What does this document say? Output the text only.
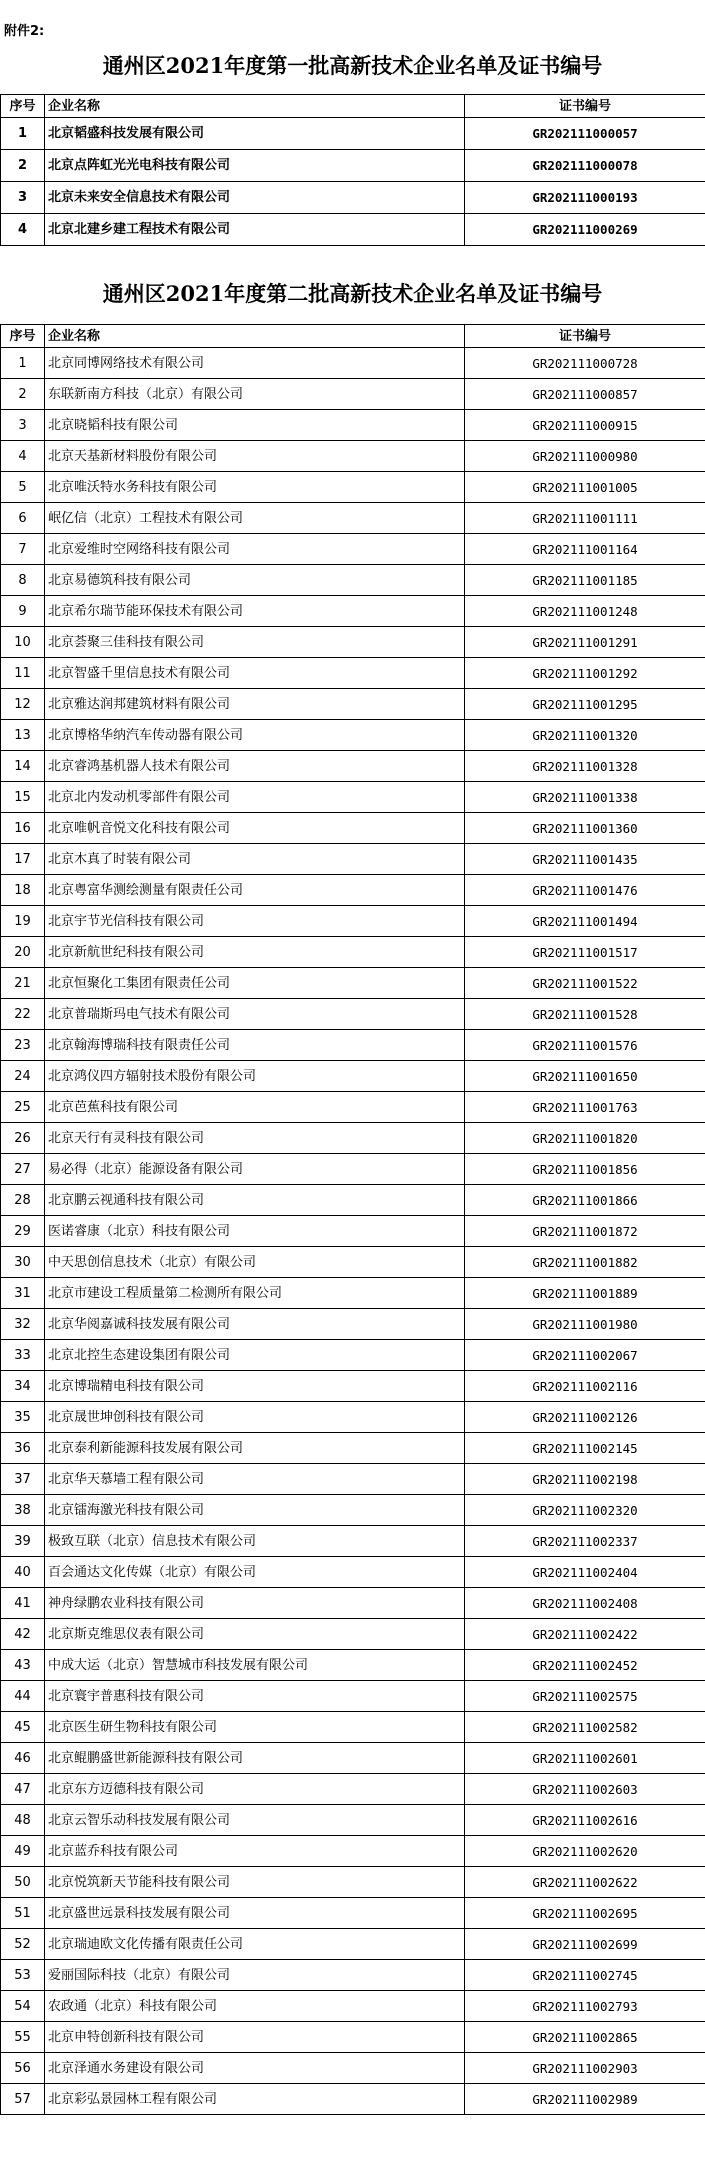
附件2:
通州区2021年度第一批高新技术企业名单及证书编号
序号	企业名称	证书编号
1	北京韬盛科技发展有限公司	GR202111000057
2	北京点阵虹光光电科技有限公司	GR202111000078
3	北京未来安全信息技术有限公司	GR202111000193
4	北京北建乡建工程技术有限公司	GR202111000269
通州区2021年度第二批高新技术企业名单及证书编号
序号	企业名称	证书编号
1	北京同博网络技术有限公司	GR202111000728
2	东联新南方科技（北京）有限公司	GR202111000857
3	北京晓韬科技有限公司	GR202111000915
4	北京天基新材料股份有限公司	GR202111000980
5	北京唯沃特水务科技有限公司	GR202111001005
6	岷亿信（北京）工程技术有限公司	GR202111001111
7	北京爱维时空网络科技有限公司	GR202111001164
8	北京易德筑科技有限公司	GR202111001185
9	北京希尔瑞节能环保技术有限公司	GR202111001248
10	北京荟聚三佳科技有限公司	GR202111001291
11	北京智盛千里信息技术有限公司	GR202111001292
12	北京雅达润邦建筑材料有限公司	GR202111001295
13	北京博格华纳汽车传动器有限公司	GR202111001320
14	北京睿鸿基机器人技术有限公司	GR202111001328
15	北京北内发动机零部件有限公司	GR202111001338
16	北京唯帆音悦文化科技有限公司	GR202111001360
17	北京木真了时装有限公司	GR202111001435
18	北京粤富华测绘测量有限责任公司	GR202111001476
19	北京宇节光信科技有限公司	GR202111001494
20	北京新航世纪科技有限公司	GR202111001517
21	北京恒聚化工集团有限责任公司	GR202111001522
22	北京普瑞斯玛电气技术有限公司	GR202111001528
23	北京翰海博瑞科技有限责任公司	GR202111001576
24	北京鸿仪四方辐射技术股份有限公司	GR202111001650
25	北京芭蕉科技有限公司	GR202111001763
26	北京天行有灵科技有限公司	GR202111001820
27	易必得（北京）能源设备有限公司	GR202111001856
28	北京鹏云视通科技有限公司	GR202111001866
29	医诺睿康（北京）科技有限公司	GR202111001872
30	中天思创信息技术（北京）有限公司	GR202111001882
31	北京市建设工程质量第二检测所有限公司	GR202111001889
32	北京华阅嘉诚科技发展有限公司	GR202111001980
33	北京北控生态建设集团有限公司	GR202111002067
34	北京博瑞精电科技有限公司	GR202111002116
35	北京晟世坤创科技有限公司	GR202111002126
36	北京泰利新能源科技发展有限公司	GR202111002145
37	北京华天慕墙工程有限公司	GR202111002198
38	北京镭海激光科技有限公司	GR202111002320
39	极致互联（北京）信息技术有限公司	GR202111002337
40	百会通达文化传媒（北京）有限公司	GR202111002404
41	神舟绿鹏农业科技有限公司	GR202111002408
42	北京斯克维思仪表有限公司	GR202111002422
43	中成大运（北京）智慧城市科技发展有限公司	GR202111002452
44	北京寰宇普惠科技有限公司	GR202111002575
45	北京医生研生物科技有限公司	GR202111002582
46	北京鲲鹏盛世新能源科技有限公司	GR202111002601
47	北京东方迈德科技有限公司	GR202111002603
48	北京云智乐动科技发展有限公司	GR202111002616
49	北京蓝乔科技有限公司	GR202111002620
50	北京悦筑新天节能科技有限公司	GR202111002622
51	北京盛世远景科技发展有限公司	GR202111002695
52	北京瑞迪欧文化传播有限责任公司	GR202111002699
53	爱丽国际科技（北京）有限公司	GR202111002745
54	农政通（北京）科技有限公司	GR202111002793
55	北京申特创新科技有限公司	GR202111002865
56	北京泽通水务建设有限公司	GR202111002903
57	北京彩弘景园林工程有限公司	GR202111002989
